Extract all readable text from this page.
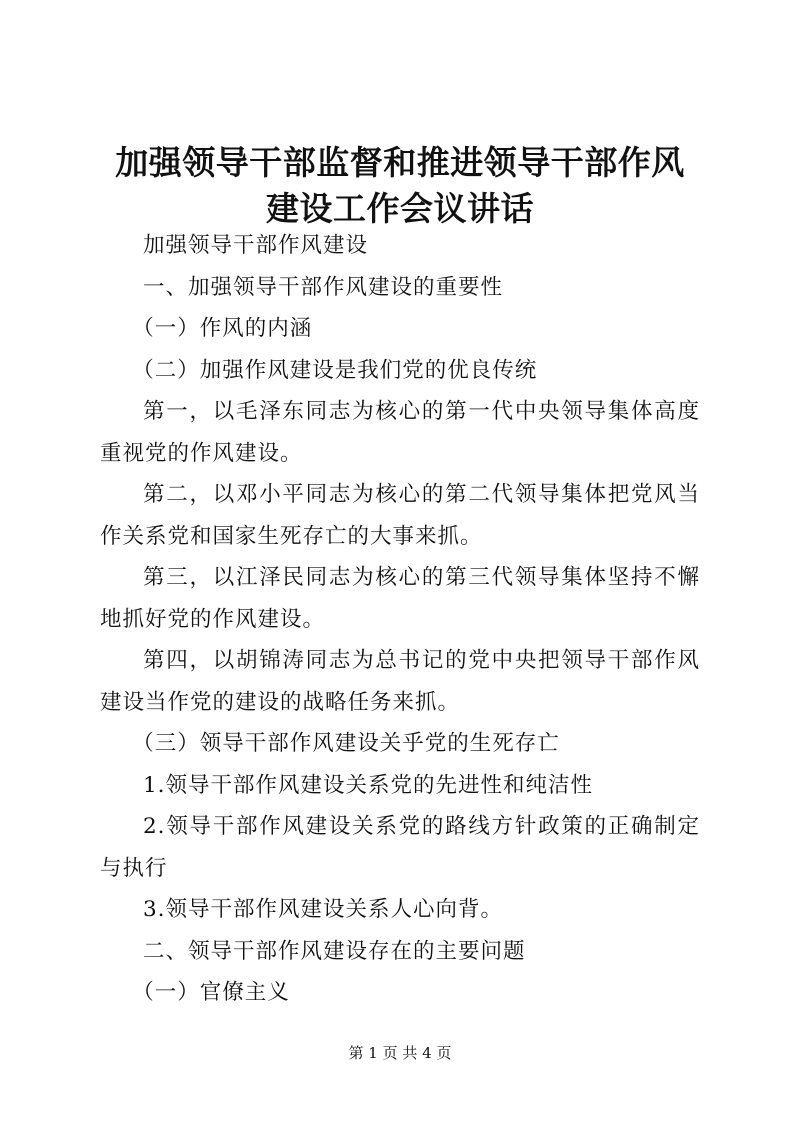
加强领导干部监督和推进领导干部作风建设工作会议讲话

加强领导干部作风建设

一、加强领导干部作风建设的重要性

（一）作风的内涵

（二）加强作风建设是我们党的优良传统

第一，以毛泽东同志为核心的第一代中央领导集体高度重视党的作风建设。

第二，以邓小平同志为核心的第二代领导集体把党风当作关系党和国家生死存亡的大事来抓。

第三，以江泽民同志为核心的第三代领导集体坚持不懈地抓好党的作风建设。

第四，以胡锦涛同志为总书记的党中央把领导干部作风建设当作党的建设的战略任务来抓。

（三）领导干部作风建设关乎党的生死存亡

1.领导干部作风建设关系党的先进性和纯洁性

2.领导干部作风建设关系党的路线方针政策的正确制定与执行

3.领导干部作风建设关系人心向背。

二、领导干部作风建设存在的主要问题

（一）官僚主义

第 1 页 共 4 页
